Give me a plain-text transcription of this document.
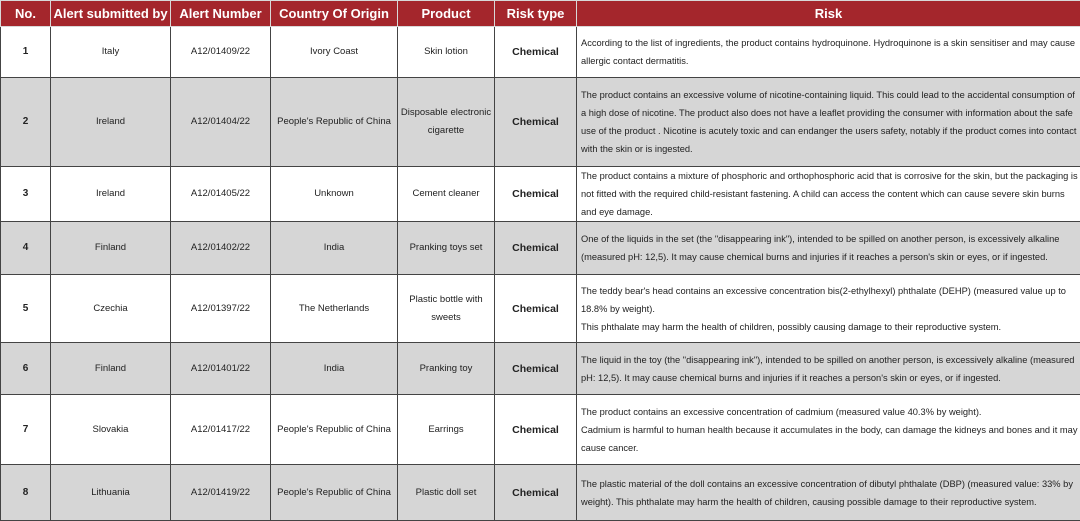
No.	Alert submitted by	Alert Number	Country Of Origin	Product	Risk type	Risk
1	Italy	A12/01409/22	Ivory Coast	Skin lotion	Chemical	According to the list of ingredients, the product contains hydroquinone. Hydroquinone is a skin sensitiser and may cause allergic contact dermatitis.
2	Ireland	A12/01404/22	People's Republic of China	Disposable electronic cigarette	Chemical	The product contains an excessive volume of nicotine-containing liquid. This could lead to the accidental consumption of a high dose of nicotine. The product also does not have a leaflet providing the consumer with information about the safe use of the product . Nicotine is acutely toxic and can endanger the users safety, notably if the product comes into contact with the skin or is ingested.
3	Ireland	A12/01405/22	Unknown	Cement cleaner	Chemical	The product contains a mixture of phosphoric and orthophosphoric acid that is corrosive for the skin, but the packaging is not fitted with the required child-resistant fastening. A child can access the content which can cause severe skin burns and eye damage.
4	Finland	A12/01402/22	India	Pranking toys set	Chemical	One of the liquids in the set (the "disappearing ink"), intended to be spilled on another person, is excessively alkaline (measured pH: 12,5). It may cause chemical burns and injuries if it reaches a person's skin or eyes, or if ingested.
5	Czechia	A12/01397/22	The Netherlands	Plastic bottle with sweets	Chemical	The teddy bear's head contains an excessive concentration bis(2-ethylhexyl) phthalate (DEHP) (measured value up to 18.8% by weight).
This phthalate may harm the health of children, possibly causing damage to their reproductive system.
6	Finland	A12/01401/22	India	Pranking toy	Chemical	The liquid in the toy (the "disappearing ink"), intended to be spilled on another person, is excessively alkaline (measured pH: 12,5). It may cause chemical burns and injuries if it reaches a person's skin or eyes, or if ingested.
7	Slovakia	A12/01417/22	People's Republic of China	Earrings	Chemical	The product contains an excessive concentration of cadmium (measured value 40.3% by weight).
Cadmium is harmful to human health because it accumulates in the body, can damage the kidneys and bones and it may cause cancer.
8	Lithuania	A12/01419/22	People's Republic of China	Plastic doll set	Chemical	The plastic material of the doll contains an excessive concentration of dibutyl phthalate (DBP) (measured value: 33% by weight). This phthalate may harm the health of children, causing possible damage to their reproductive system.
